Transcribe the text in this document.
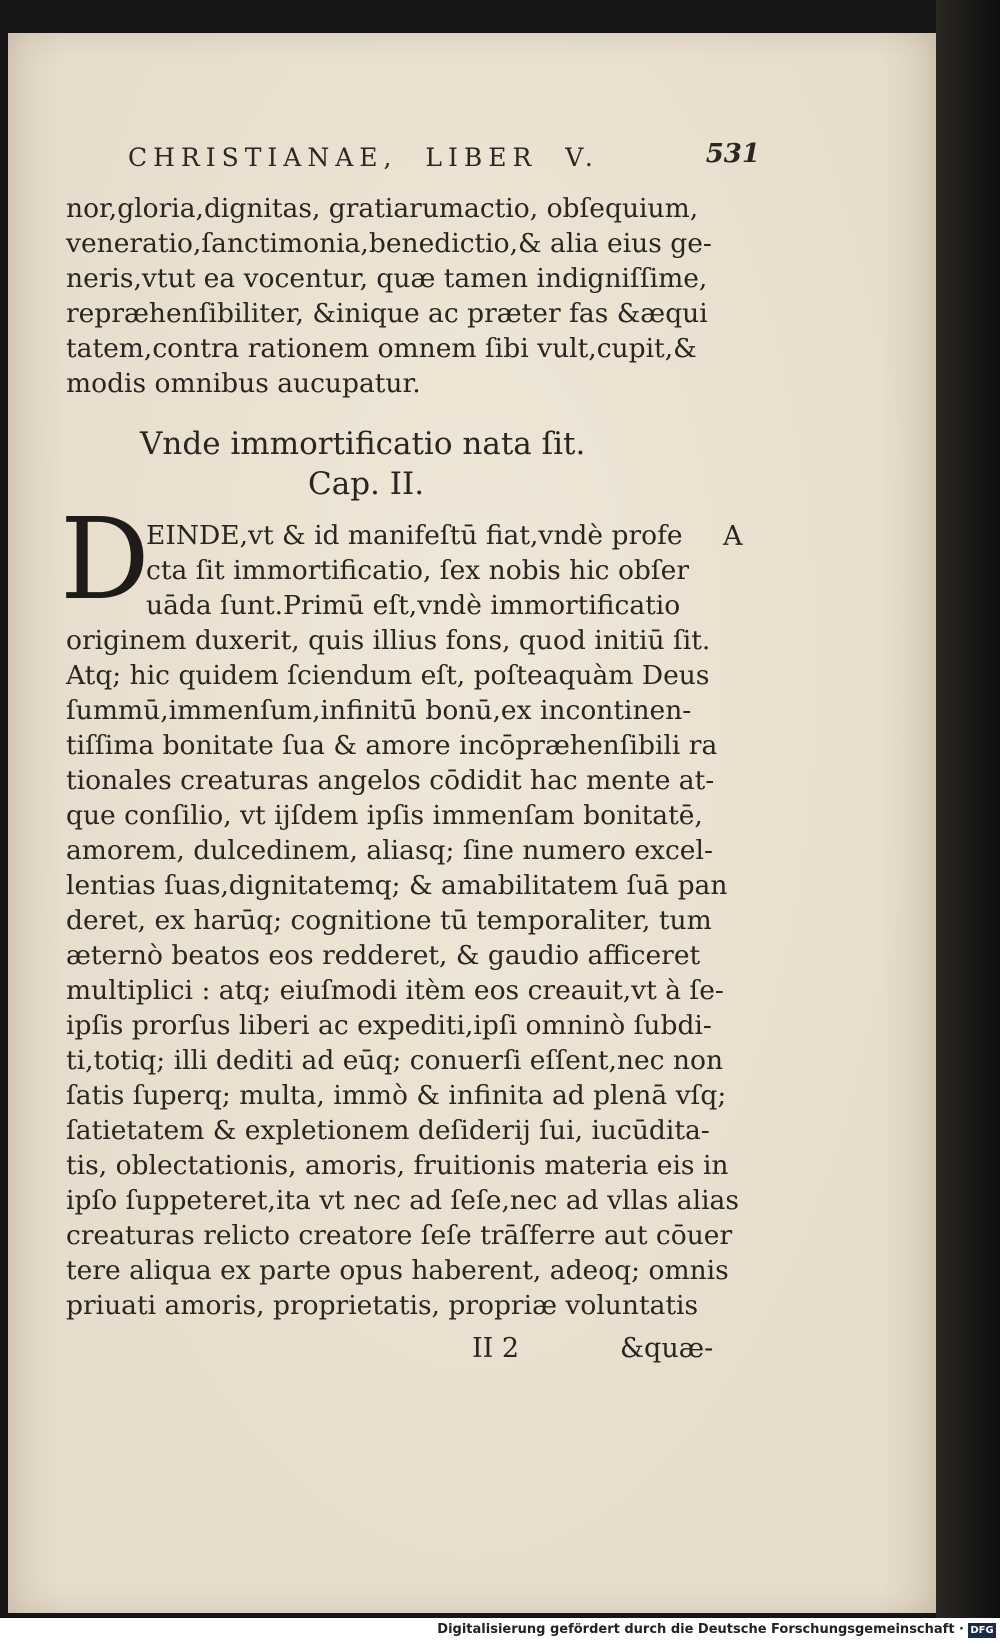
CHRISTIANAE,  LIBER  V.	531
nor,gloria,dignitas, gratiarumactio, obſequium,
veneratio,ſanctimonia,benedictio,& alia eius ge-
neris,vtut ea vocentur, quæ tamen indigniſſime,
repræhenſibiliter, &inique ac præter fas &æqui
tatem,contra rationem omnem ſibi vult,cupit,&
modis omnibus aucupatur.
Vnde immortificatio nata ſit.
Cap. II.
D	A
EINDE,vt & id manifeſtū fiat,vndè profe
cta ſit immortificatio, ſex nobis hic obſer
uāda ſunt.Primū eſt,vndè immortificatio
originem duxerit, quis illius fons, quod initiū ſit.
Atq; hic quidem ſciendum eſt, poſteaquàm Deus
ſummū,immenſum,infinitū bonū,ex incontinen-
tiſſima bonitate ſua & amore incōpræhenſibili ra
tionales creaturas angelos cōdidit hac mente at-
que conſilio, vt ijſdem ipſis immenſam bonitatē,
amorem, dulcedinem, aliasq; ſine numero excel-
lentias ſuas,dignitatemq; & amabilitatem ſuā pan
deret, ex harūq; cognitione tū temporaliter, tum
æternò beatos eos redderet, & gaudio afficeret
multiplici : atq; eiuſmodi itèm eos creauit,vt à ſe-
ipſis prorſus liberi ac expediti,ipſi omninò ſubdi-
ti,totiq; illi dediti ad eūq; conuerſi eſſent,nec non
ſatis ſuperq; multa, immò & infinita ad plenā vſq;
ſatietatem & expletionem deſiderij ſui, iucūdita-
tis, oblectationis, amoris, fruitionis materia eis in
ipſo ſuppeteret,ita vt nec ad ſeſe,nec ad vllas alias
creaturas relicto creatore ſeſe trāſferre aut cōuer
tere aliqua ex parte opus haberent, adeoq; omnis
priuati amoris, proprietatis, propriæ voluntatis
II 2	&quæ-
Digitalisierung gefördert durch die Deutsche Forschungsgemeinschaft · DFG
